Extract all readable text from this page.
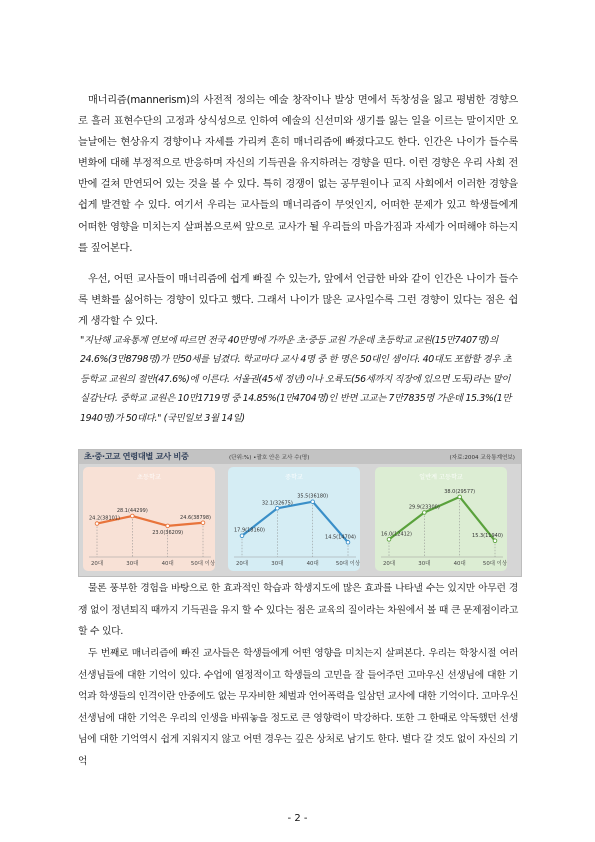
매너리즘(mannerism)의 사전적 정의는 예술 창작이나 발상 면에서 독창성을 잃고 평범한 경향으로 흘러 표현수단의 고정과 상식성으로 인하여 예술의 신선미와 생기를 잃는 일을 이르는 말이지만 오늘날에는 현상유지 경향이나 자세를 가리켜 흔히 매너리즘에 빠졌다고도 한다. 인간은 나이가 들수록 변화에 대해 부정적으로 반응하며 자신의 기득권을 유지하려는 경향을 띤다. 이런 경향은 우리 사회 전반에 걸쳐 만연되어 있는 것을 볼 수 있다. 특히 경쟁이 없는 공무원이나 교직 사회에서 이러한 경향을 쉽게 발견할 수 있다. 여기서 우리는 교사들의 매너리즘이 무엇인지, 어떠한 문제가 있고 학생들에게 어떠한 영향을 미치는지 살펴봄으로써 앞으로 교사가 될 우리들의 마음가짐과 자세가 어떠해야 하는지를 짚어본다.

우선, 어떤 교사들이 매너리즘에 쉽게 빠질 수 있는가, 앞에서 언급한 바와 같이 인간은 나이가 들수록 변화를 싫어하는 경향이 있다고 했다. 그래서 나이가 많은 교사일수록 그런 경향이 있다는 점은 쉽게 생각할 수 있다.

"지난해 교육통계 연보에 따르면 전국 40만명에 가까운 초·중등 교원 가운데 초등학교 교원(15만7407명)의 24.6%(3만8798명)가 만50세를 넘겼다. 학교마다 교사 4명 중 한 명은 50대인 셈이다. 40대도 포함할 경우 초등학교 교원의 절반(47.6%)에 이른다. 서울권(45세 정년)이나 오륙도(56세까지 직장에 있으면 도둑)라는 말이 실감난다. 중학교 교원은 10만1719명 중 14.85%(1만4704명)인 반면 고교는 7만7835명 가운데 15.3%(1만1940명)가 50대다." (국민일보 3월 14일)

초·중·고교 연령대별 교사 비중	(단위:%) •괄호 안은 교사 수(명)	(자료:2004 교육통계연보)
24.2(38101)
28.1(44299)
23.0(36209)
24.6(38798)
20대	30대	40대	50대 이상
초등학교
17.9(18160)
32.1(32675)
35.5(36180)
14.5(14704)
20대	30대	40대	50대 이상
중학교
16.0(12412)
29.9(23300)
38.0(29577)
15.3(11940)
20대	30대	40대	50대 이상
일반계 고등학교

물론 풍부한 경험을 바탕으로 한 효과적인 학습과 학생지도에 많은 효과를 나타낼 수는 있지만 아무런 경쟁 없이 정년퇴직 때까지 기득권을 유지 할 수 있다는 점은 교육의 질이라는 차원에서 볼 때 큰 문제점이라고 할 수 있다.

두 번째로 매너리즘에 빠진 교사들은 학생들에게 어떤 영향을 미치는지 살펴본다. 우리는 학창시절 여러 선생님들에 대한 기억이 있다. 수업에 열정적이고 학생들의 고민을 잘 들어주던 고마우신 선생님에 대한 기억과 학생들의 인격이란 안중에도 없는 무자비한 체벌과 언어폭력을 일삼던 교사에 대한 기억이다. 고마우신 선생님에 대한 기억은 우리의 인생을 바꿔놓을 정도로 큰 영향력이 막강하다. 또한 그 한때로 악독했던 선생님에 대한 기억역시 쉽게 지워지지 않고 어떤 경우는 깊은 상처로 남기도 한다. 별다 갈 것도 없이 자신의 기억

- 2 -
